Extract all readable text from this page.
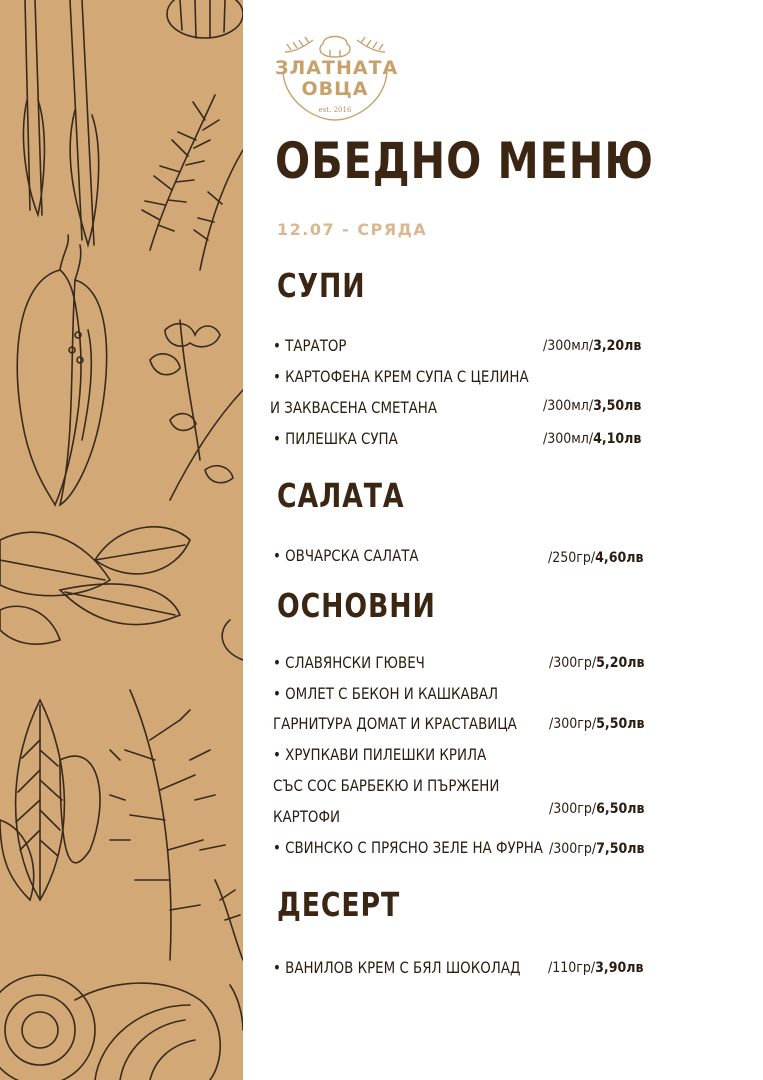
ЗЛАТНАТА
ОВЦА
est. 2016
ОБЕДНО МЕНЮ
12.07 - СРЯДА
СУПИ
• ТАРАТОР	/300мл/3,20лв
• КАРТОФЕНА КРЕМ СУПА С ЦЕЛИНА
И ЗАКВАСЕНА СМЕТАНА	/300мл/3,50лв
• ПИЛЕШКА СУПА	/300мл/4,10лв
САЛАТА
• ОВЧАРСКА САЛАТА	/250гр/4,60лв
ОСНОВНИ
• СЛАВЯНСКИ ГЮВЕЧ	/300гр/5,20лв
• ОМЛЕТ С БЕКОН И КАШКАВАЛ
ГАРНИТУРА ДОМАТ И КРАСТАВИЦА /300гр/5,50лв
• ХРУПКАВИ ПИЛЕШКИ КРИЛА
СЪС СОС БАРБЕКЮ И ПЪРЖЕНИ
КАРТОФИ	/300гр/6,50лв
• СВИНСКО С ПРЯСНО ЗЕЛЕ НА ФУРНА /300гр/7,50лв
ДЕСЕРТ
• ВАНИЛОВ КРЕМ С БЯЛ ШОКОЛАД /110гр/3,90лв
